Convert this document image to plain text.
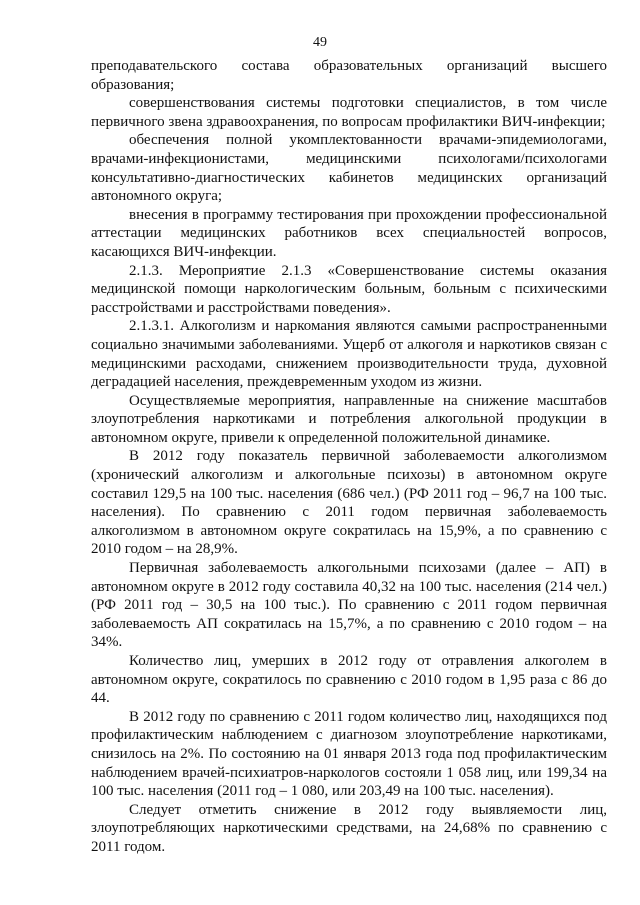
49

преподавательского состава образовательных организаций высшего образования;

совершенствования системы подготовки специалистов, в том числе первичного звена здравоохранения, по вопросам профилактики ВИЧ-инфекции;

обеспечения полной укомплектованности врачами-эпидемиологами, врачами-инфекционистами, медицинскими психологами/психологами консультативно-диагностических кабинетов медицинских организаций автономного округа;

внесения в программу тестирования при прохождении профессиональной аттестации медицинских работников всех специальностей вопросов, касающихся ВИЧ-инфекции.

2.1.3. Мероприятие 2.1.3 «Совершенствование системы оказания медицинской помощи наркологическим больным, больным с психическими расстройствами и расстройствами поведения».

2.1.3.1. Алкоголизм и наркомания являются самыми распространенными социально значимыми заболеваниями. Ущерб от алкоголя и наркотиков связан с медицинскими расходами, снижением производительности труда, духовной деградацией населения, преждевременным уходом из жизни.

Осуществляемые мероприятия, направленные на снижение масштабов злоупотребления наркотиками и потребления алкогольной продукции в автономном округе, привели к определенной положительной динамике.

В 2012 году показатель первичной заболеваемости алкоголизмом (хронический алкоголизм и алкогольные психозы) в автономном округе составил 129,5 на 100 тыс. населения (686 чел.) (РФ 2011 год – 96,7 на 100 тыс. населения). По сравнению с 2011 годом первичная заболеваемость алкоголизмом в автономном округе сократилась на 15,9%, а по сравнению с 2010 годом – на 28,9%.

Первичная заболеваемость алкогольными психозами (далее – АП) в автономном округе в 2012 году составила 40,32 на 100 тыс. населения (214 чел.) (РФ 2011 год – 30,5 на 100 тыс.). По сравнению с 2011 годом первичная заболеваемость АП сократилась на 15,7%, а по сравнению с 2010 годом – на 34%.

Количество лиц, умерших в 2012 году от отравления алкоголем в автономном округе, сократилось по сравнению с 2010 годом в 1,95 раза с 86 до 44.

В 2012 году по сравнению с 2011 годом количество лиц, находящихся под профилактическим наблюдением с диагнозом злоупотребление наркотиками, снизилось на 2%. По состоянию на 01 января 2013 года под профилактическим наблюдением врачей-психиатров-наркологов состояли 1 058 лиц, или 199,34 на 100 тыс. населения (2011 год – 1 080, или 203,49 на 100 тыс. населения).

Следует отметить снижение в 2012 году выявляемости лиц, злоупотребляющих наркотическими средствами, на 24,68% по сравнению с 2011 годом.
